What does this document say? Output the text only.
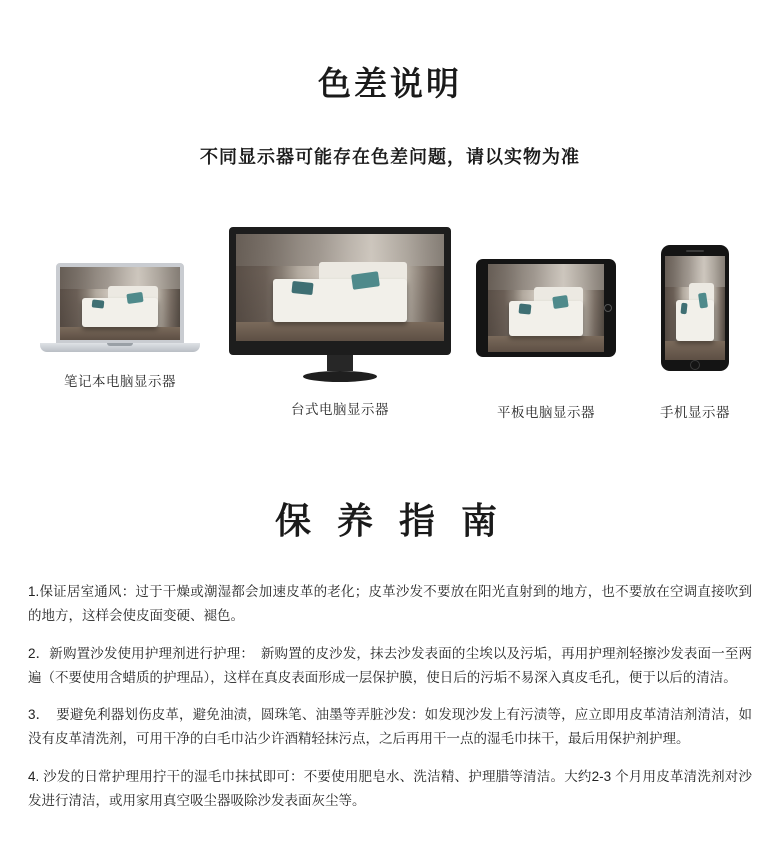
色差说明

不同显示器可能存在色差问题，请以实物为准

笔记本电脑显示器
SAMSUNG
台式电脑显示器	平板电脑显示器	手机显示器
保 养 指 南

1.保证居室通风：过于干燥或潮湿都会加速皮革的老化；皮革沙发不要放在阳光直射到的地方，也不要放在空调直接吹到的地方，这样会使皮面变硬、褪色。

2．新购置沙发使用护理剂进行护理：　新购置的皮沙发，抹去沙发表面的尘埃以及污垢，再用护理剂轻擦沙发表面一至两遍（不要使用含蜡质的护理品），这样在真皮表面形成一层保护膜，使日后的污垢不易深入真皮毛孔，便于以后的清洁。

3．　要避免利器划伤皮革，避免油渍，圆珠笔、油墨等弄脏沙发：如发现沙发上有污渍等，应立即用皮革清洁剂清洁，如没有皮革清洗剂，可用干净的白毛巾沾少许酒精轻抹污点，之后再用干一点的湿毛巾抹干，最后用保护剂护理。

4. 沙发的日常护理用拧干的湿毛巾抹拭即可：不要使用肥皂水、洗洁精、护理腊等清洁。大约2-3 个月用皮革清洗剂对沙发进行清洁，或用家用真空吸尘器吸除沙发表面灰尘等。
